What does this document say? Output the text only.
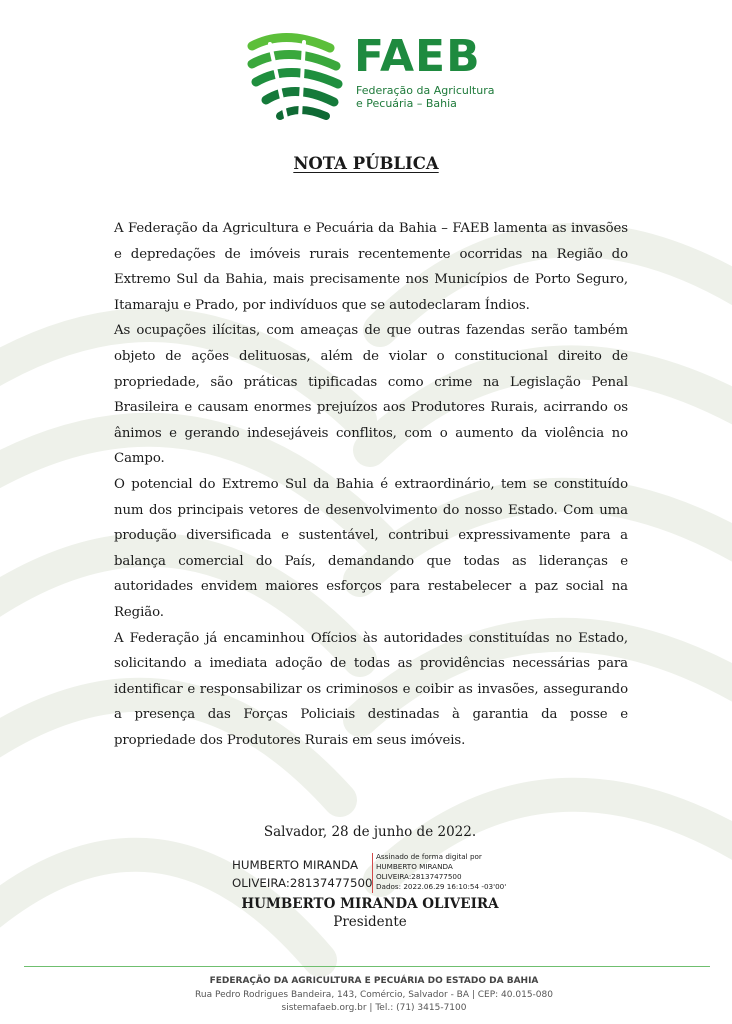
FAEB
Federação da Agricultura
e Pecuária – Bahia
NOTA PÚBLICA

A Federação da Agricultura e Pecuária da Bahia – FAEB lamenta as invasões e depredações de imóveis rurais recentemente ocorridas na Região do Extremo Sul da Bahia, mais precisamente nos Municípios de Porto Seguro, Itamaraju e Prado, por indivíduos que se autodeclaram Índios.

As ocupações ilícitas, com ameaças de que outras fazendas serão também objeto de ações delituosas, além de violar o constitucional direito de propriedade, são práticas tipificadas como crime na Legislação Penal Brasileira e causam enormes prejuízos aos Produtores Rurais, acirrando os ânimos e gerando indesejáveis conflitos, com o aumento da violência no Campo.

O potencial do Extremo Sul da Bahia é extraordinário, tem se constituído num dos principais vetores de desenvolvimento do nosso Estado. Com uma produção diversificada e sustentável, contribui expressivamente para a balança comercial do País, demandando que todas as lideranças e autoridades envidem maiores esforços para restabelecer a paz social na Região.

A Federação já encaminhou Ofícios às autoridades constituídas no Estado, solicitando a imediata adoção de todas as providências necessárias para identificar e responsabilizar os criminosos e coibir as invasões, assegurando a presença das Forças Policiais destinadas à garantia da posse e propriedade dos Produtores Rurais em seus imóveis.

Salvador, 28 de junho de 2022.
HUMBERTO MIRANDA
OLIVEIRA:28137477500
Assinado de forma digital por
HUMBERTO MIRANDA
OLIVEIRA:28137477500
Dados: 2022.06.29 16:10:54 -03'00'
HUMBERTO MIRANDA OLIVEIRA
Presidente
FEDERAÇÃO DA AGRICULTURA E PECUÁRIA DO ESTADO DA BAHIA
Rua Pedro Rodrigues Bandeira, 143, Comércio, Salvador - BA | CEP: 40.015-080
sistemafaeb.org.br | Tel.: (71) 3415-7100
